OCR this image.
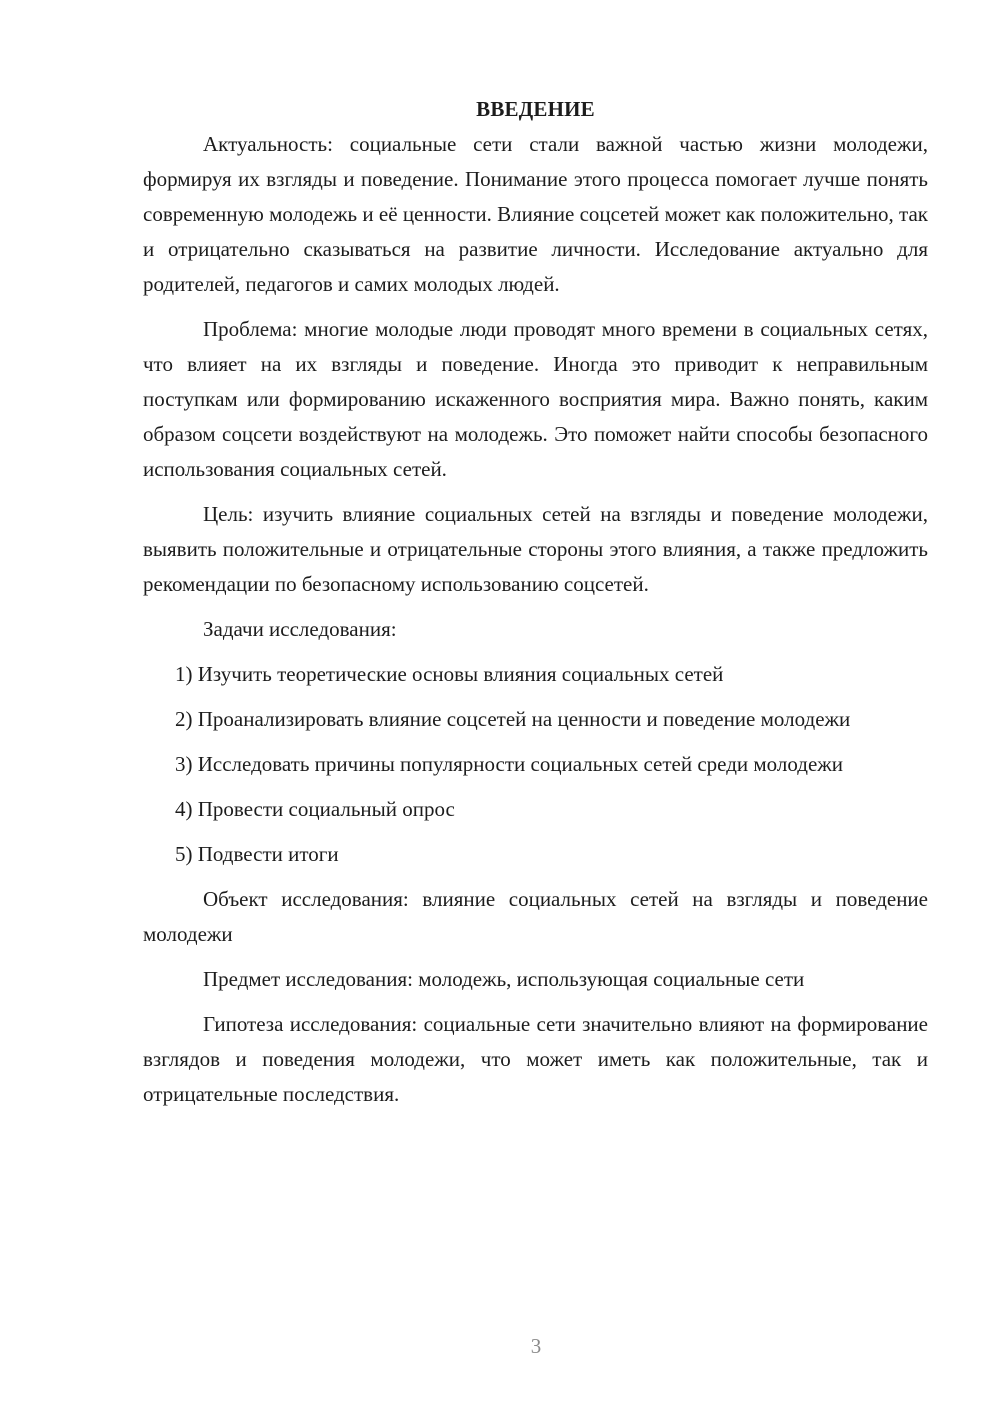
ВВЕДЕНИЕ

Актуальность: социальные сети стали важной частью жизни молодежи, формируя их взгляды и поведение. Понимание этого процесса помогает лучше понять современную молодежь и её ценности. Влияние соцсетей может как положительно, так и отрицательно сказываться на развитие личности. Исследование актуально для родителей, педагогов и самих молодых людей.

Проблема: многие молодые люди проводят много времени в социальных сетях, что влияет на их взгляды и поведение. Иногда это приводит к неправильным поступкам или формированию искаженного восприятия мира. Важно понять, каким образом соцсети воздействуют на молодежь. Это поможет найти способы безопасного использования социальных сетей.

Цель: изучить влияние социальных сетей на взгляды и поведение молодежи, выявить положительные и отрицательные стороны этого влияния, а также предложить рекомендации по безопасному использованию соцсетей.

Задачи исследования:

1) Изучить теоретические основы влияния социальных сетей

2) Проанализировать влияние соцсетей на ценности и поведение молодежи

3) Исследовать причины популярности социальных сетей среди молодежи

4) Провести социальный опрос

5) Подвести итоги

Объект исследования: влияние социальных сетей на взгляды и поведение молодежи

Предмет исследования: молодежь, использующая социальные сети

Гипотеза исследования: социальные сети значительно влияют на формирование взглядов и поведения молодежи, что может иметь как положительные, так и отрицательные последствия.

3
